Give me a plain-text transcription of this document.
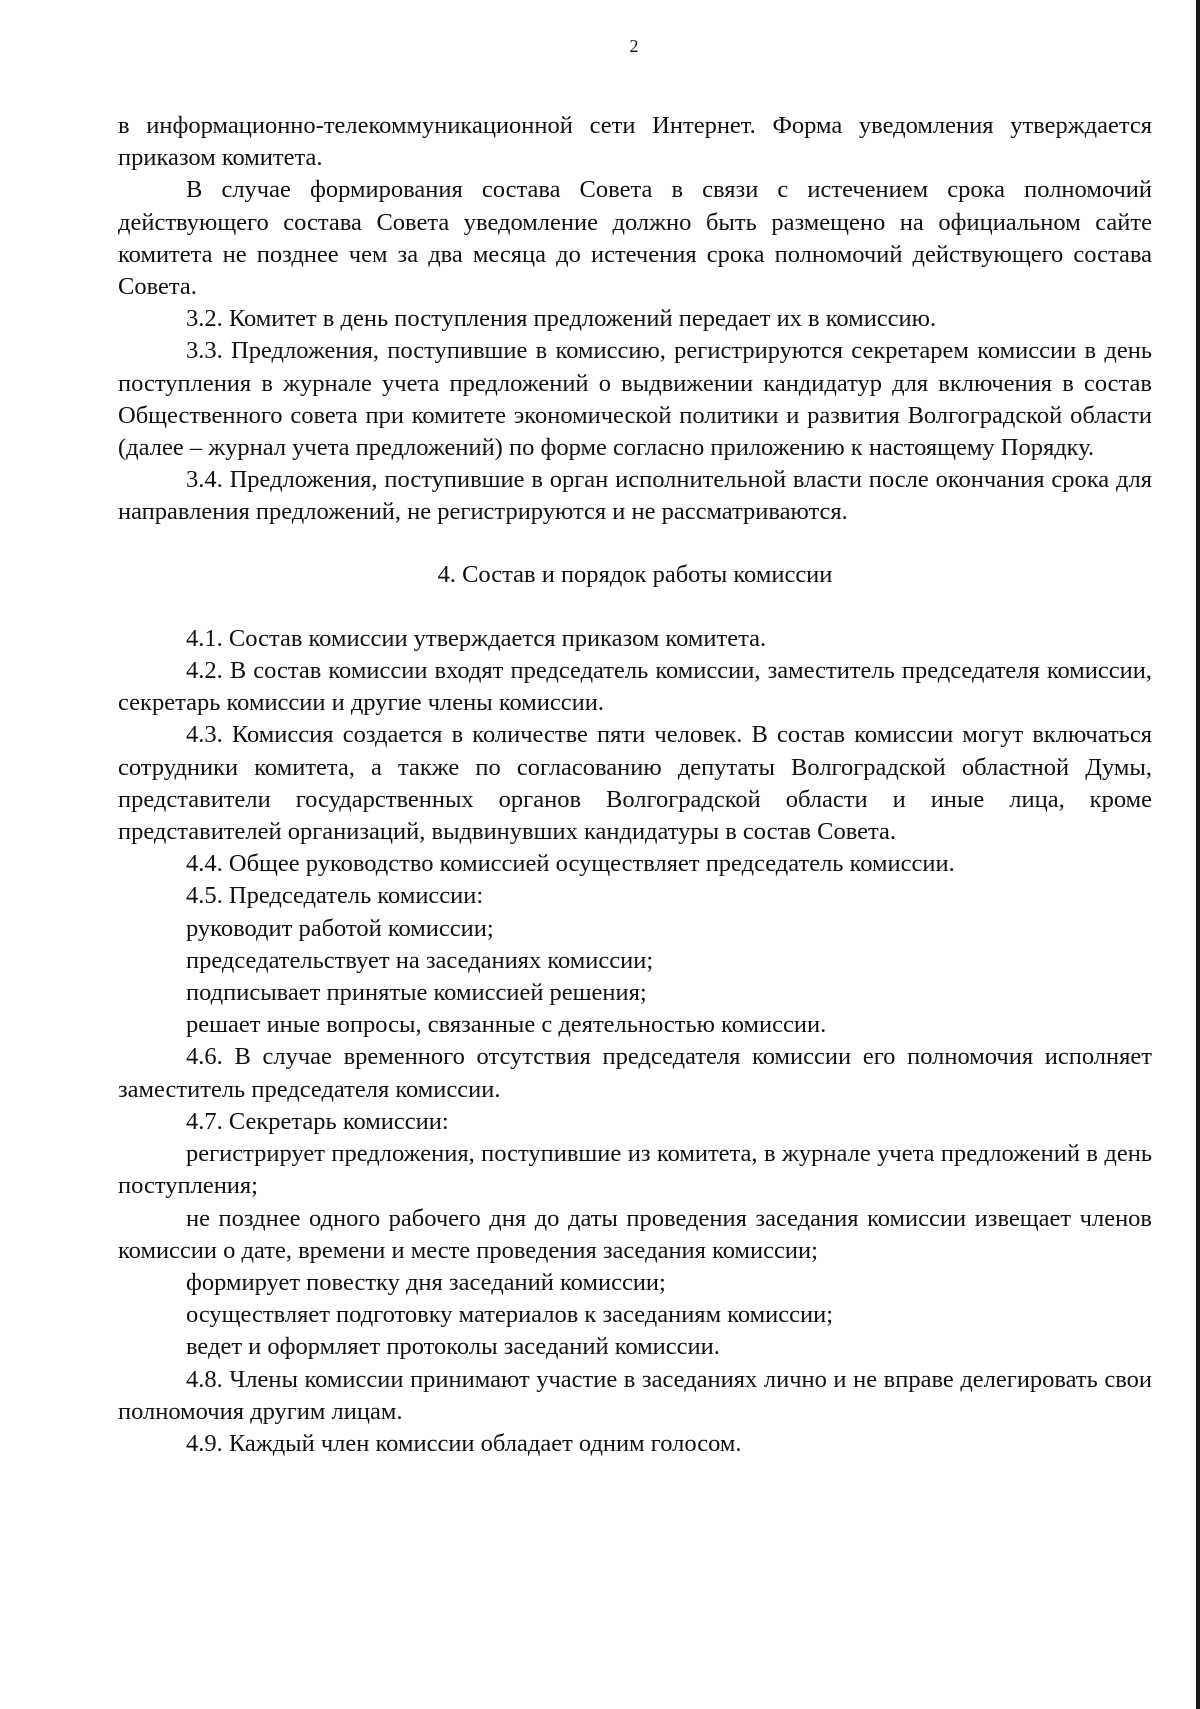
2

в информационно-телекоммуникационной сети Интернет. Форма уведомления утверждается приказом комитета.

В случае формирования состава Совета в связи с истечением срока полномочий действующего состава Совета уведомление должно быть размещено на официальном сайте комитета не позднее чем за два месяца до истечения срока полномочий действующего состава Совета.

3.2. Комитет в день поступления предложений передает их в комиссию.

3.3. Предложения, поступившие в комиссию, регистрируются секретарем комиссии в день поступления в журнале учета предложений о выдвижении кандидатур для включения в состав Общественного совета при комитете экономической политики и развития Волгоградской области (далее – журнал учета предложений) по форме согласно приложению к настоящему Порядку.

3.4. Предложения, поступившие в орган исполнительной власти после окончания срока для направления предложений, не регистрируются и не рассматриваются.

4. Состав и порядок работы комиссии

4.1. Состав комиссии утверждается приказом комитета.

4.2. В состав комиссии входят председатель комиссии, заместитель председателя комиссии, секретарь комиссии и другие члены комиссии.

4.3. Комиссия создается в количестве пяти человек. В состав комиссии могут включаться сотрудники комитета, а также по согласованию депутаты Волгоградской областной Думы, представители государственных органов Волгоградской области и иные лица, кроме представителей организаций, выдвинувших кандидатуры в состав Совета.

4.4. Общее руководство комиссией осуществляет председатель комиссии.

4.5. Председатель комиссии:

руководит работой комиссии;

председательствует на заседаниях комиссии;

подписывает принятые комиссией решения;

решает иные вопросы, связанные с деятельностью комиссии.

4.6. В случае временного отсутствия председателя комиссии его полномочия исполняет заместитель председателя комиссии.

4.7. Секретарь комиссии:

регистрирует предложения, поступившие из комитета, в журнале учета предложений в день поступления;

не позднее одного рабочего дня до даты проведения заседания комиссии извещает членов комиссии о дате, времени и месте проведения заседания комиссии;

формирует повестку дня заседаний комиссии;

осуществляет подготовку материалов к заседаниям комиссии;

ведет и оформляет протоколы заседаний комиссии.

4.8. Члены комиссии принимают участие в заседаниях лично и не вправе делегировать свои полномочия другим лицам.

4.9. Каждый член комиссии обладает одним голосом.
